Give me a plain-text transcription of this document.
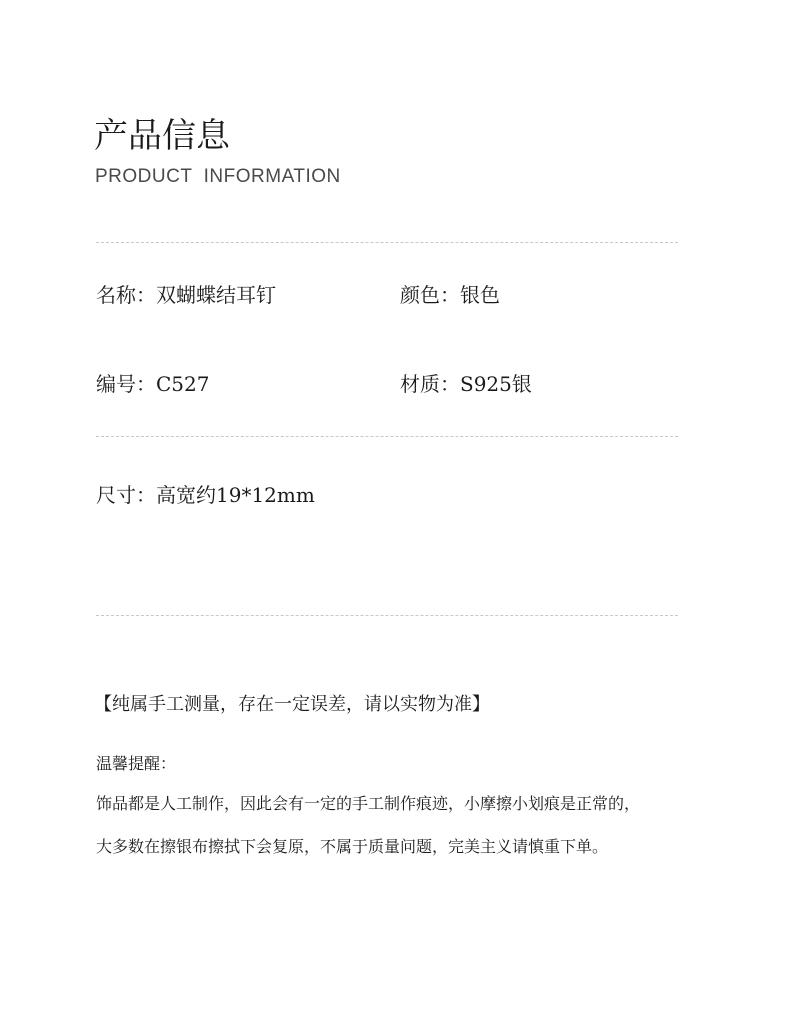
产品信息

PRODUCT  INFORMATION

名称：双蝴蝶结耳钉	颜色：银色
编号：C527	材质：S925银
尺寸：高宽约19*12mm
【纯属手工测量，存在一定误差，请以实物为准】
温馨提醒：
饰品都是人工制作，因此会有一定的手工制作痕迹，小摩擦小划痕是正常的，
大多数在擦银布擦拭下会复原，不属于质量问题，完美主义请慎重下单。
